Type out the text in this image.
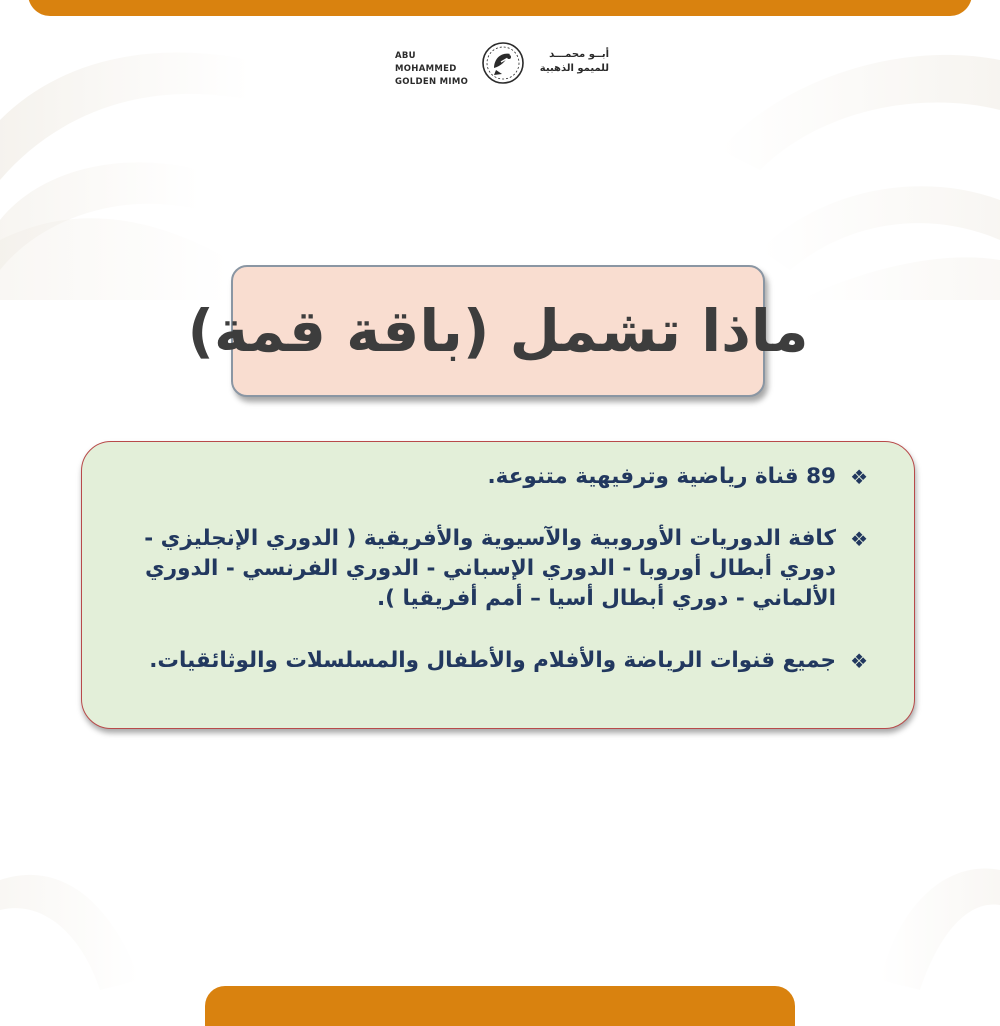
ABU MOHAMMED
GOLDEN MIMO
أبــو محمـــد
للميمو الذهبية
ماذا تشمل (باقة قمة)

❖
89 قناة رياضية وترفيهية متنوعة.

❖
كافة الدوريات الأوروبية والآسيوية والأفريقية ( الدوري الإنجليزي - دوري أبطال أوروبا - الدوري الإسباني - الدوري الفرنسي - الدوري الألماني - دوري أبطال أسيا – أمم أفريقيا ).

❖
جميع قنوات الرياضة والأفلام والأطفال والمسلسلات والوثائقيات.
